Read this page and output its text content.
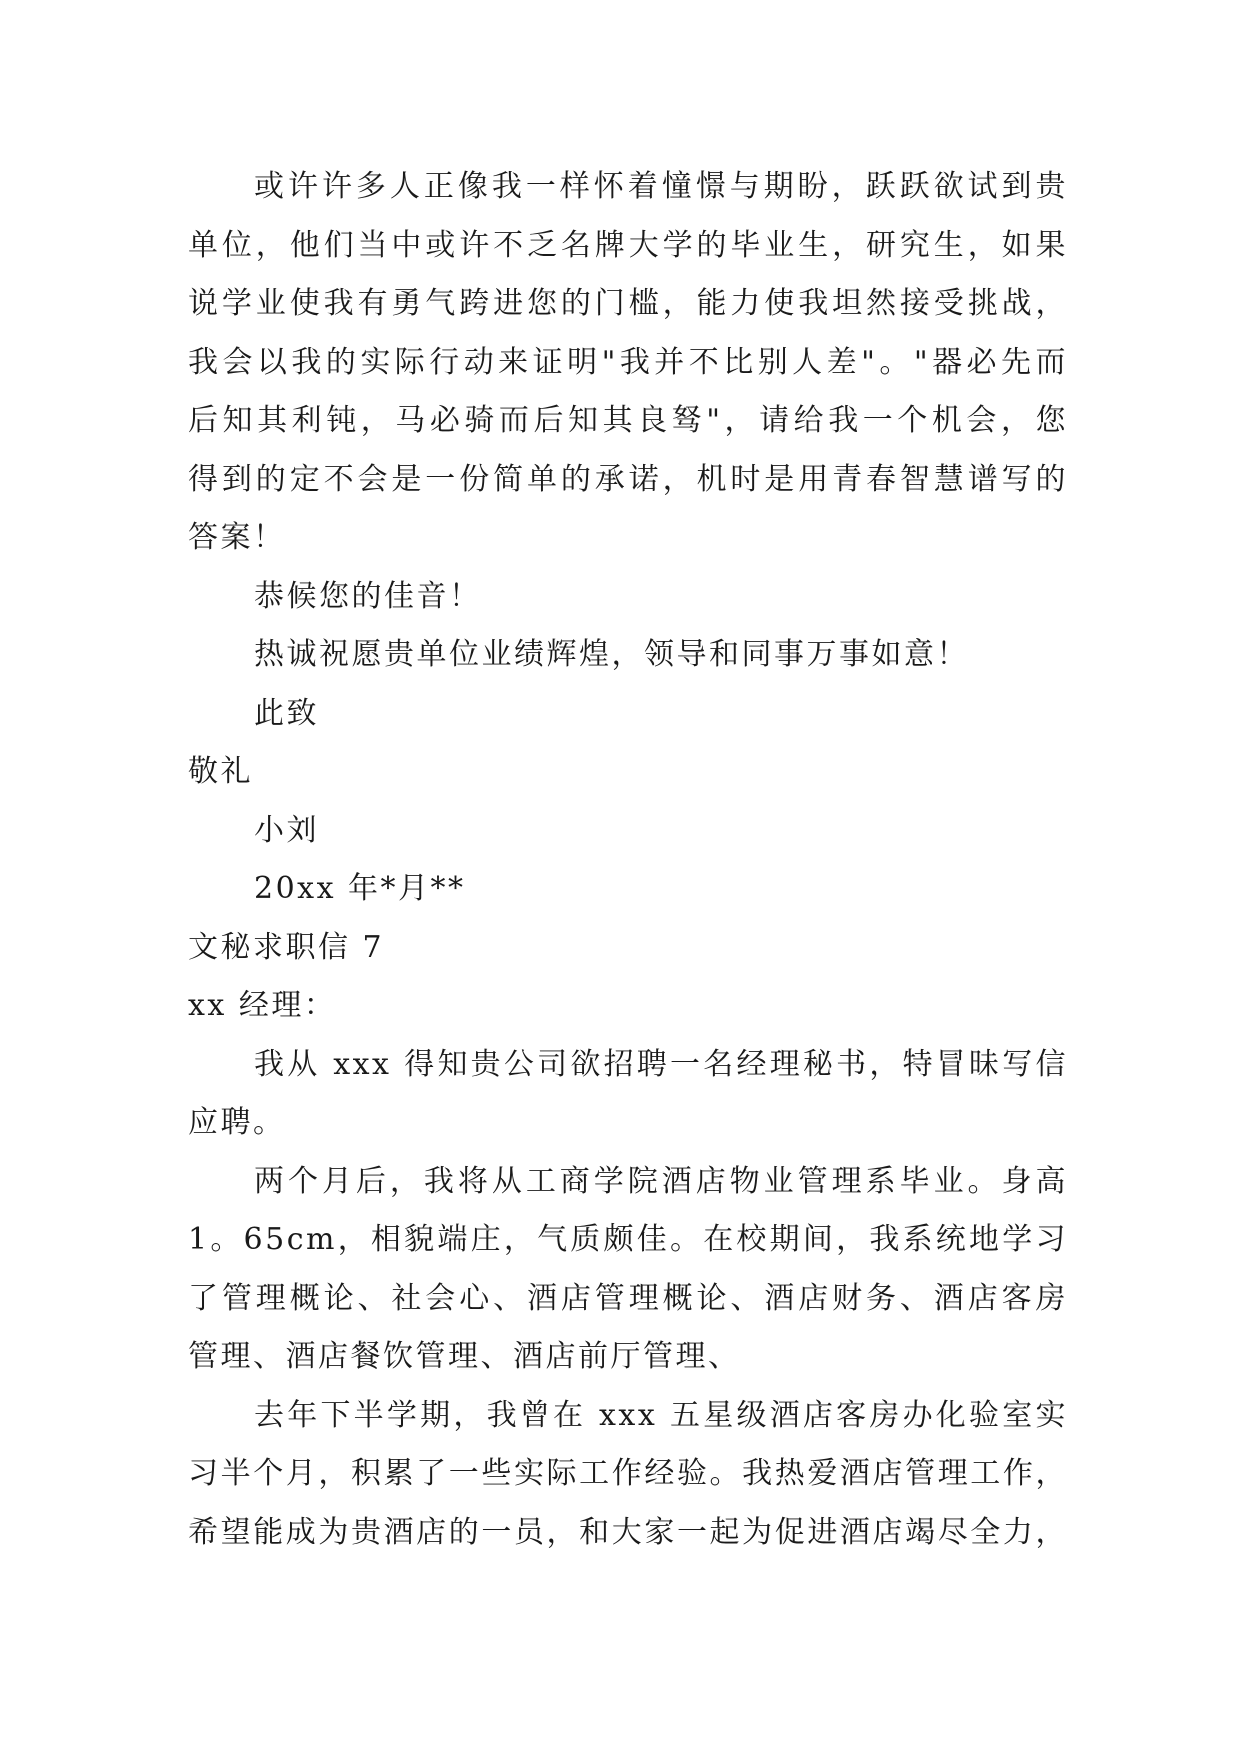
或许许多人正像我一样怀着憧憬与期盼，跃跃欲试到贵
单位，他们当中或许不乏名牌大学的毕业生，研究生，如果
说学业使我有勇气跨进您的门槛，能力使我坦然接受挑战，
我会以我的实际行动来证明"我并不比别人差"。"器必先而
后知其利钝，马必骑而后知其良驽"，请给我一个机会，您
得到的定不会是一份简单的承诺，机时是用青春智慧谱写的
答案！

恭候您的佳音！

热诚祝愿贵单位业绩辉煌，领导和同事万事如意！

此致

敬礼

小刘

20xx 年*月**

文秘求职信 7

xx 经理：

我从 xxx 得知贵公司欲招聘一名经理秘书，特冒昧写信
应聘。

两个月后，我将从工商学院酒店物业管理系毕业。身高
1。65cm，相貌端庄，气质颇佳。在校期间，我系统地学习
了管理概论、社会心、酒店管理概论、酒店财务、酒店客房
管理、酒店餐饮管理、酒店前厅管理、

去年下半学期，我曾在 xxx 五星级酒店客房办化验室实
习半个月，积累了一些实际工作经验。我热爱酒店管理工作，
希望能成为贵酒店的一员，和大家一起为促进酒店竭尽全力，
